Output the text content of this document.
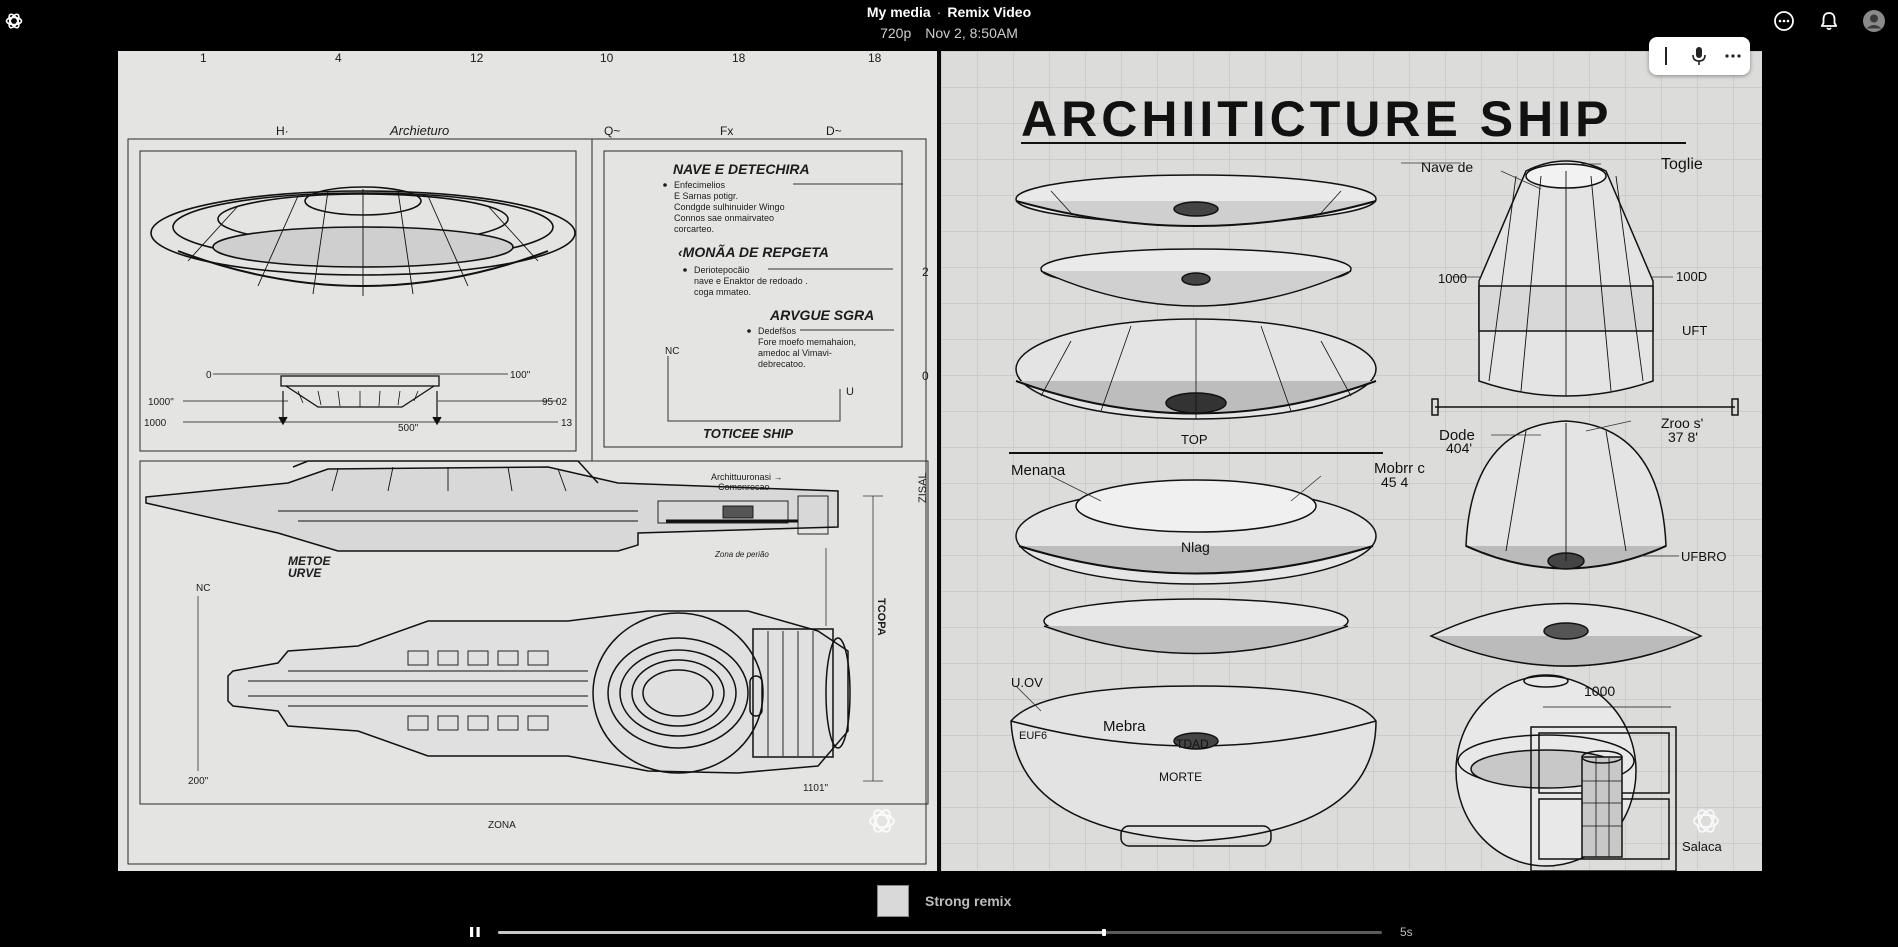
My media · Remix Video
720p Nov 2, 8:50AM
1	4	12	10	18	18
H·	Archieturo	Q~	Fx	D~
0	100"
1000"	95 02
1000	13
500"
NAVE E DETECHIRA
Enfecimelios
E Sarnas potigr.
Condgde sulhinuider Wingo
Connos sae onmairvateo
corcarteo.
‹MONÃA DE REPGETA
Deriotepocãio
nave e Enaktor de redoado .
coga mmateo.
ARVGUE SGRA
Dedefšos
Fore moefo memahaion,
amedoc al Vimavi-
debrecatoo.
NC
U
TOTICEE SHIP
2
0
ZISAL
Archittuuronasi →
Comonrecao
Zona de perião
METOE
URVE
NC
TCOPA
200"
1101"
ZONA
ARCHIITICTURE SHIP
Nave de	Toglie
1000	100D
UFT
TOP
Menana	Mobrr c
45 4
Dode
404'
Zroo s'
37 8'
Nlag
UFBRO
U.OV
EUF6
Mebra
TDAD
MORTE
1000
Salaca
Strong remix
5s
